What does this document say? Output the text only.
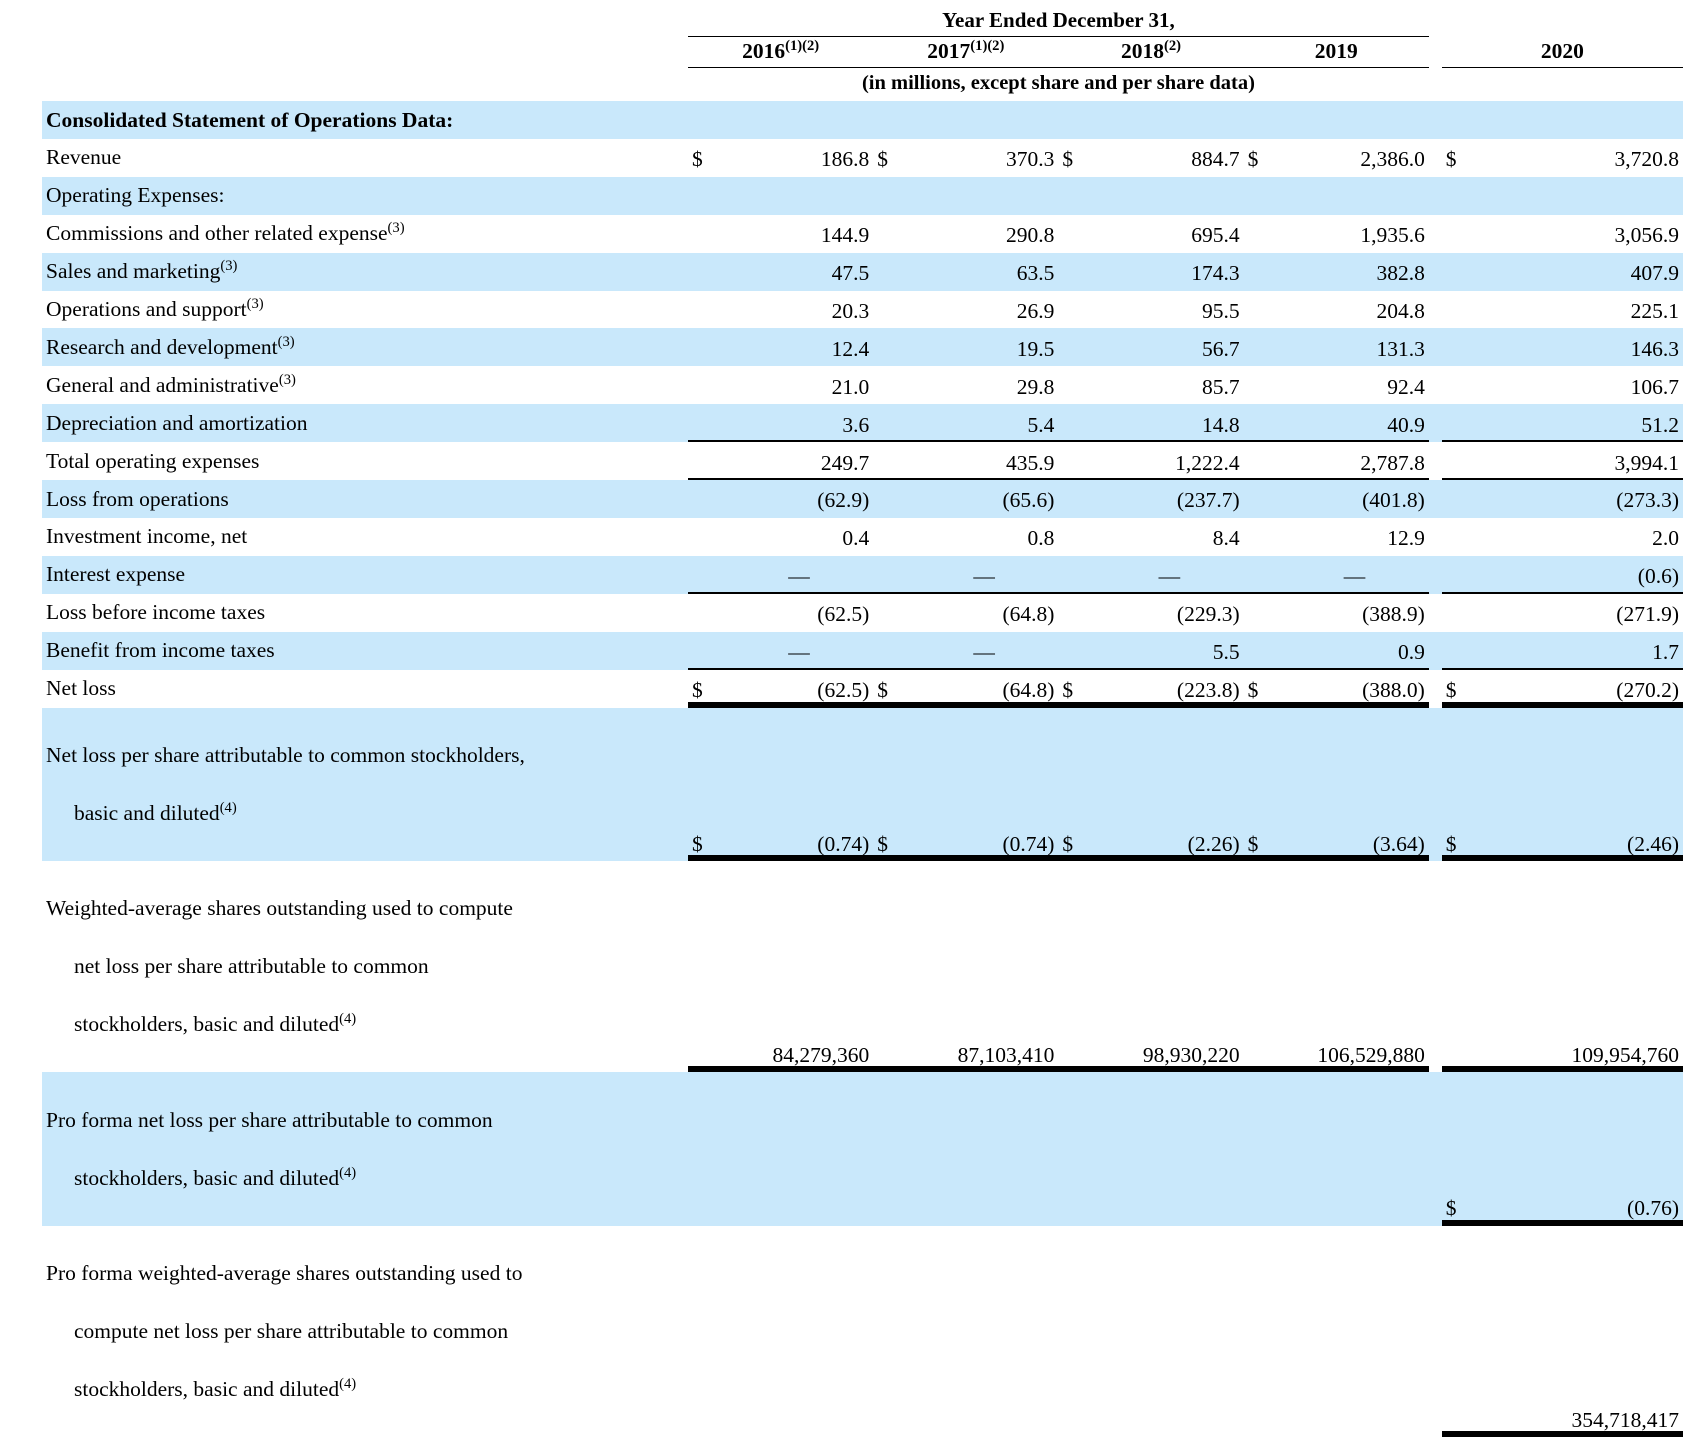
	Year Ended December 31,										
	$2016^{(1)(2)}$		$2017^{(1)(2)}$		2018$^{(2)}$		2019			2020	
	(in millions, except share and per share data)										
Consolidated Statement of Operations Data:											
Revenue	$	186.8	$	370.3	$	884.7	$	2,386.0		$	3,720.8
Operating Expenses:											
Commissions and other related expense$^{(3)}$		144.9		290.8		695.4		1,935.6			3,056.9
Sales and marketing$^{(3)}$		47.5		63.5		174.3		382.8			407.9
Operations and support$^{(3)}$		20.3		26.9		95.5		204.8			225.1
Research and development$^{(3)}$		12.4		19.5		56.7		131.3			146.3
General and administrative$^{(3)}$		21.0		29.8		85.7		92.4			106.7
Depreciation and amortization		3.6		5.4		14.8		40.9			51.2
Total operating expenses		249.7		435.9		1,222.4		2,787.8			3,994.1
Loss from operations		(62.9)		(65.6)		(237.7)		(401.8)			(273.3)
Investment income, net		0.4		0.8		8.4		12.9			2.0
Interest expense		—		—		—		—			(0.6)
Loss before income taxes		(62.5)		(64.8)		(229.3)		(388.9)			(271.9)
Benefit from income taxes		—		—		5.5		0.9			1.7
Net loss	$	(62.5)	$	(64.8)	$	(223.8)	$	(388.0)		$	(270.2)

Net loss per share attributable to common stockholders,

basic and diluted$^{(4)}$	$	(0.74)	$	(0.74)	$	(2.26)	$	(3.64)		$	(2.46)

Weighted-average shares outstanding used to compute

net loss per share attributable to common

stockholders, basic and diluted$^{(4)}$		84,279,360		87,103,410		98,930,220		106,529,880			109,954,760

Pro forma net loss per share attributable to common

stockholders, basic and diluted$^{(4)}$										$	(0.76)

Pro forma weighted-average shares outstanding used to

compute net loss per share attributable to common

stockholders, basic and diluted$^{(4)}$											354,718,417
